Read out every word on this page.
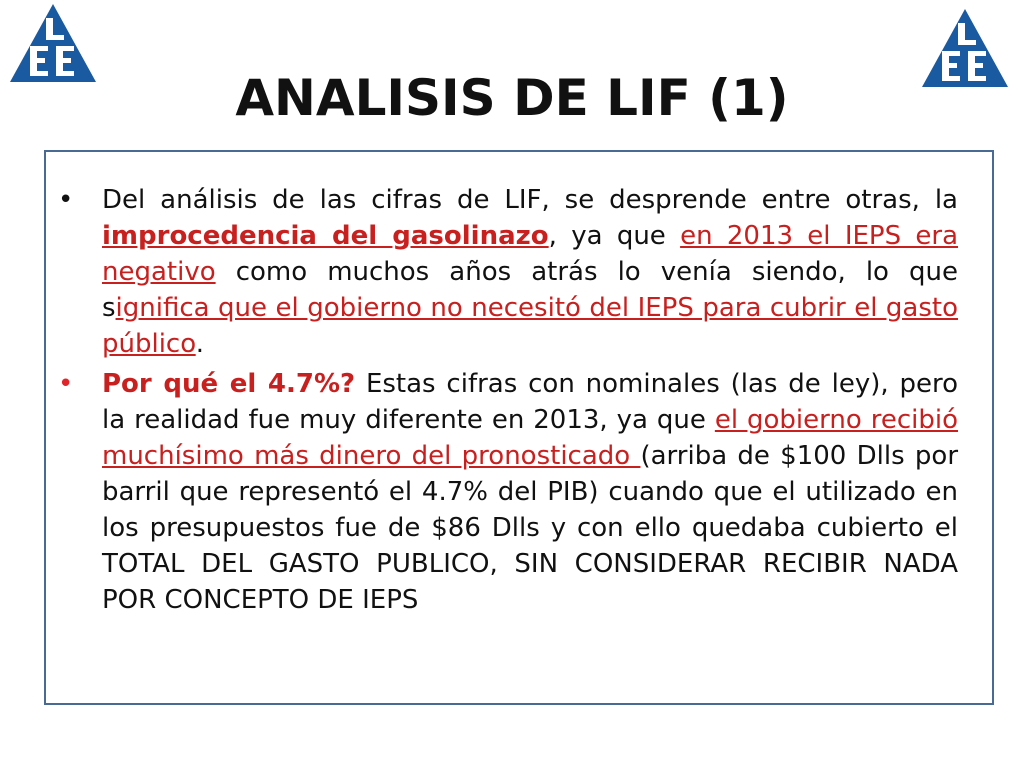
ANALISIS DE LIF (1)
• Del análisis de las cifras de LIF, se desprende entre otras, la improcedencia del gasolinazo, ya que en 2013 el IEPS era negativo como muchos años atrás lo venía siendo, lo que significa que el gobierno no necesitó del IEPS para cubrir el gasto público.
• Por qué el 4.7%? Estas cifras con nominales (las de ley), pero la realidad fue muy diferente en 2013, ya que el gobierno recibió muchísimo más dinero del pronosticado (arriba de $100 Dlls por barril que representó el 4.7% del PIB) cuando que el utilizado en los presupuestos fue de $86 Dlls y con ello quedaba cubierto el TOTAL DEL GASTO PUBLICO, SIN CONSIDERAR RECIBIR NADA POR CONCEPTO DE IEPS
